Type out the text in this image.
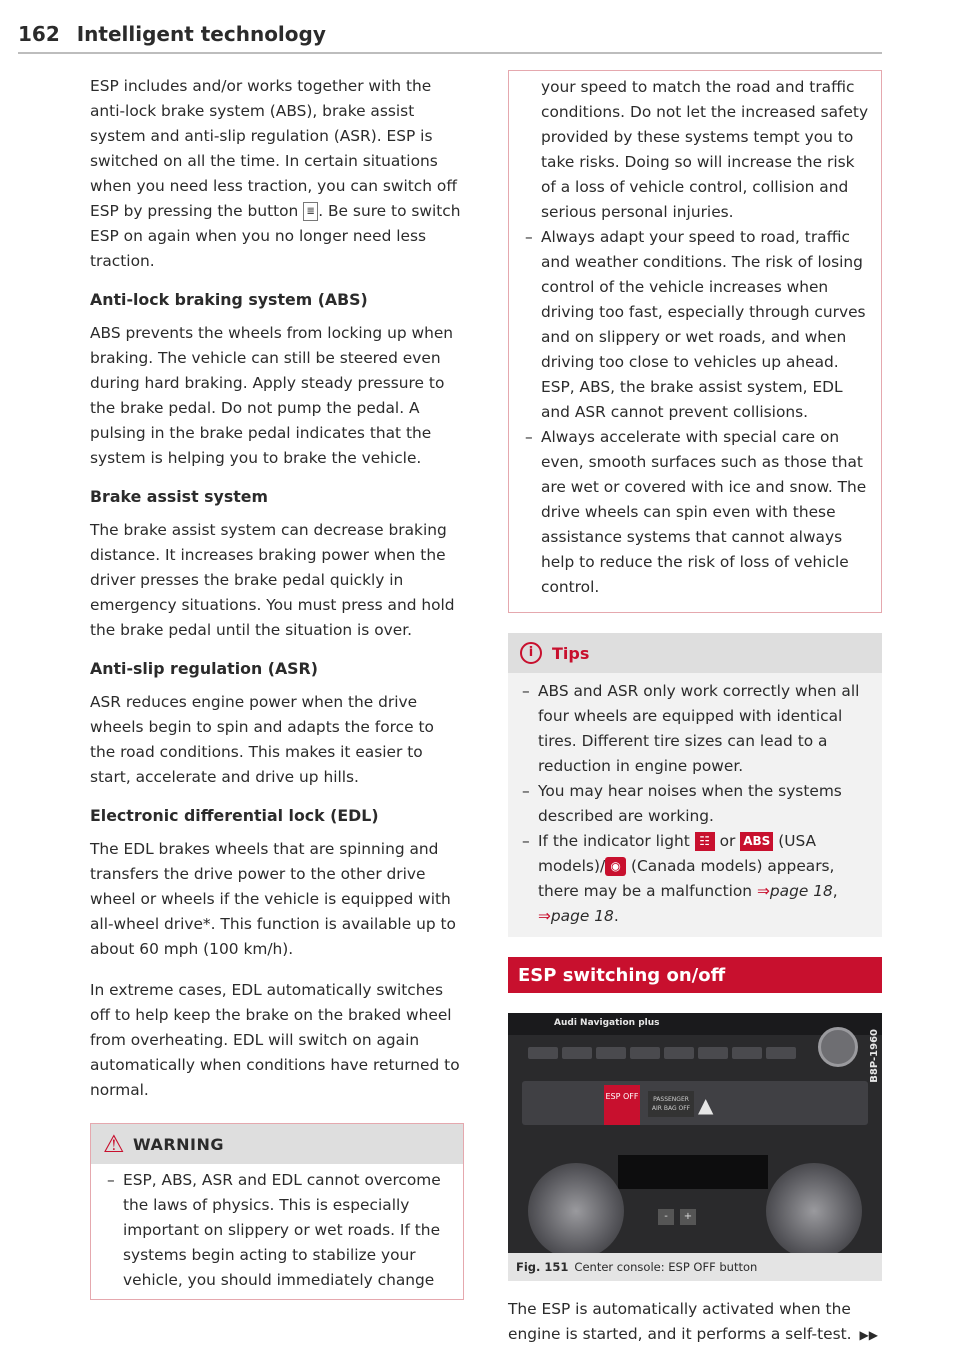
162 Intelligent technology

ESP includes and/or works together with the anti-lock brake system (ABS), brake assist system and anti-slip regulation (ASR). ESP is switched on all the time. In certain situations when you need less traction, you can switch off ESP by pressing the button ≣ . Be sure to switch ESP on again when you no longer need less traction.

Anti-lock braking system (ABS)

ABS prevents the wheels from locking up when braking. The vehicle can still be steered even during hard braking. Apply steady pressure to the brake pedal. Do not pump the pedal. A pulsing in the brake pedal indicates that the system is helping you to brake the vehicle.

Brake assist system

The brake assist system can decrease braking distance. It increases braking power when the driver presses the brake pedal quickly in emergency situations. You must press and hold the brake pedal until the situation is over.

Anti-slip regulation (ASR)

ASR reduces engine power when the drive wheels begin to spin and adapts the force to the road conditions. This makes it easier to start, accelerate and drive up hills.

Electronic differential lock (EDL)

The EDL brakes wheels that are spinning and transfers the drive power to the other drive wheel or wheels if the vehicle is equipped with all-wheel drive*. This function is available up to about 60 mph (100 km/h).

In extreme cases, EDL automatically switches off to help keep the brake on the braked wheel from overheating. EDL will switch on again automatically when conditions have returned to normal.

⚠ WARNING
– ESP, ABS, ASR and EDL cannot overcome the laws of physics. This is especially important on slippery or wet roads. If the systems begin acting to stabilize your vehicle, you should immediately change

your speed to match the road and traffic conditions. Do not let the increased safety provided by these systems tempt you to take risks. Doing so will increase the risk of a loss of vehicle control, collision and serious personal injuries.

– Always adapt your speed to road, traffic and weather conditions. The risk of losing control of the vehicle increases when driving too fast, especially through curves and on slippery or wet roads, and when driving too close to vehicles up ahead. ESP, ABS, the brake assist system, EDL and ASR cannot prevent collisions.
– Always accelerate with special care on even, smooth surfaces such as those that are wet or covered with ice and snow. The drive wheels can spin even with these assistance systems that cannot always help to reduce the risk of loss of vehicle control.
i	Tips
– ABS and ASR only work correctly when all four wheels are equipped with identical tires. Different tire sizes can lead to a reduction in engine power.
– You may hear noises when the systems described are working.
– If the indicator light ☷ or ABS (USA models)/ ◉ (Canada models) appears, there may be a malfunction ⇒page 18, ⇒page 18.
ESP switching on/off
Audi Navigation plus
ESP OFF	PASSENGER AIR BAG OFF ▲
-	+
B8P-1960
Fig. 151 Center console: ESP OFF button

The ESP is automatically activated when the engine is started, and it performs a self-test. ▶▶
